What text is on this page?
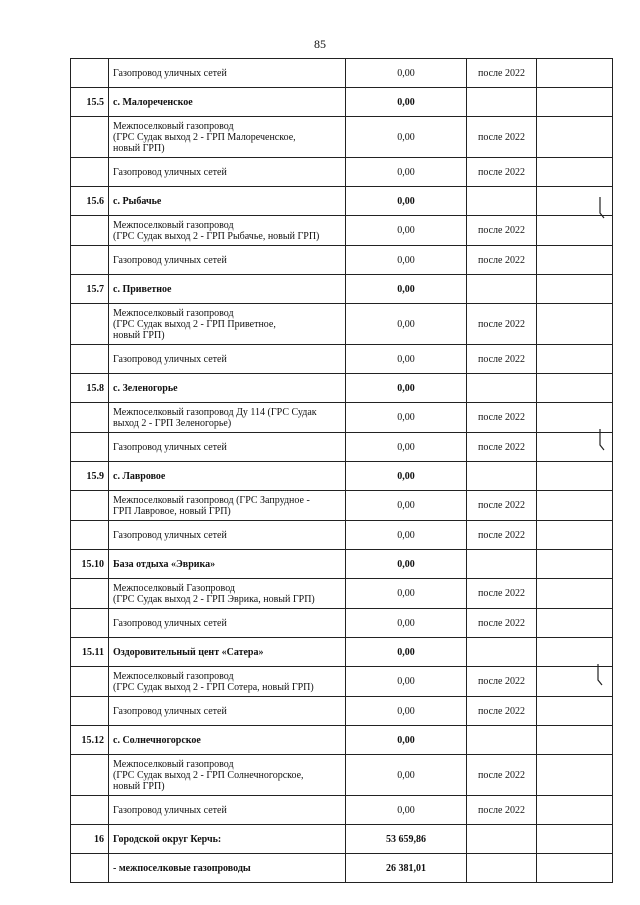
85
	Газопровод уличных сетей	0,00	после 2022	
15.5	с. Малореченское	0,00		
	Межпоселковый газопровод
(ГРС Судак выход 2 - ГРП Малореченское,
новый ГРП)	0,00	после 2022	
	Газопровод уличных сетей	0,00	после 2022	
15.6	с. Рыбачье	0,00		
	Межпоселковый газопровод
(ГРС Судак выход 2 - ГРП Рыбачье, новый ГРП)	0,00	после 2022	
	Газопровод уличных сетей	0,00	после 2022	
15.7	с. Приветное	0,00		
	Межпоселковый газопровод
(ГРС Судак выход 2 - ГРП Приветное,
новый ГРП)	0,00	после 2022	
	Газопровод уличных сетей	0,00	после 2022	
15.8	с. Зеленогорье	0,00		
	Межпоселковый газопровод Ду 114 (ГРС Судак
выход 2 - ГРП Зеленогорье)	0,00	после 2022	
	Газопровод уличных сетей	0,00	после 2022	
15.9	с. Лавровое	0,00		
	Межпоселковый газопровод (ГРС Запрудное -
ГРП Лавровое, новый ГРП)	0,00	после 2022	
	Газопровод уличных сетей	0,00	после 2022	
15.10	База отдыха «Эврика»	0,00		
	Межпоселковый Газопровод
(ГРС Судак выход 2 - ГРП Эврика, новый ГРП)	0,00	после 2022	
	Газопровод уличных сетей	0,00	после 2022	
15.11	Оздоровительный цент «Сатера»	0,00		
	Межпоселковый газопровод
(ГРС Судак выход 2 - ГРП Сотера, новый ГРП)	0,00	после 2022	
	Газопровод уличных сетей	0,00	после 2022	
15.12	с. Солнечногорское	0,00		
	Межпоселковый газопровод
(ГРС Судак выход 2 - ГРП Солнечногорское,
новый ГРП)	0,00	после 2022	
	Газопровод уличных сетей	0,00	после 2022	
16	Городской округ Керчь:	53 659,86		
	- межпоселковые газопроводы	26 381,01		
